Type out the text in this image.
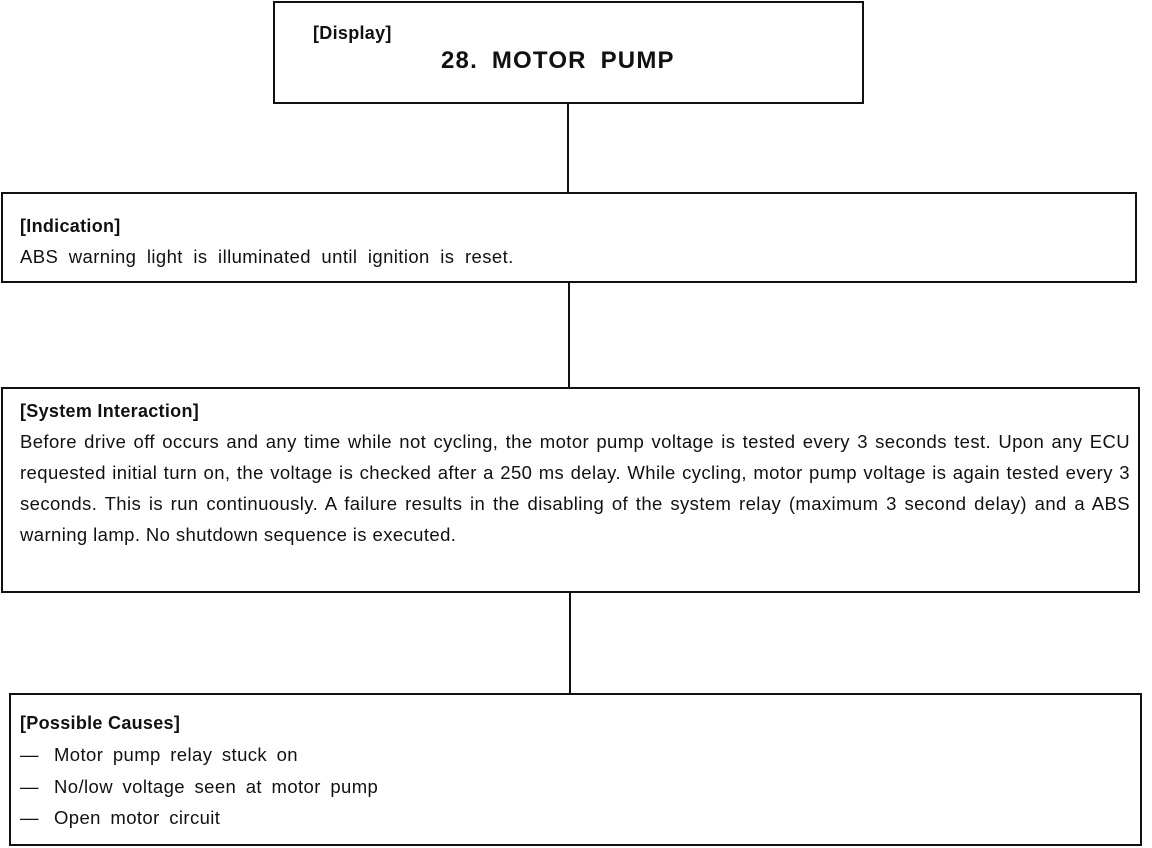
[Display]
28. MOTOR PUMP
[Indication]
ABS warning light is illuminated until ignition is reset.
[System Interaction]
Before drive off occurs and any time while not cycling, the motor pump voltage is tested every 3 seconds test. Upon any ECU requested initial turn on, the voltage is checked after a 250 ms delay. While cycling, motor pump voltage is again tested every 3 seconds. This is run continuously. A failure results in the disabling of the system relay (maximum 3 second delay) and a ABS warning lamp. No shutdown sequence is executed.
[Possible Causes]
— Motor pump relay stuck on
— No/low voltage seen at motor pump
— Open motor circuit
